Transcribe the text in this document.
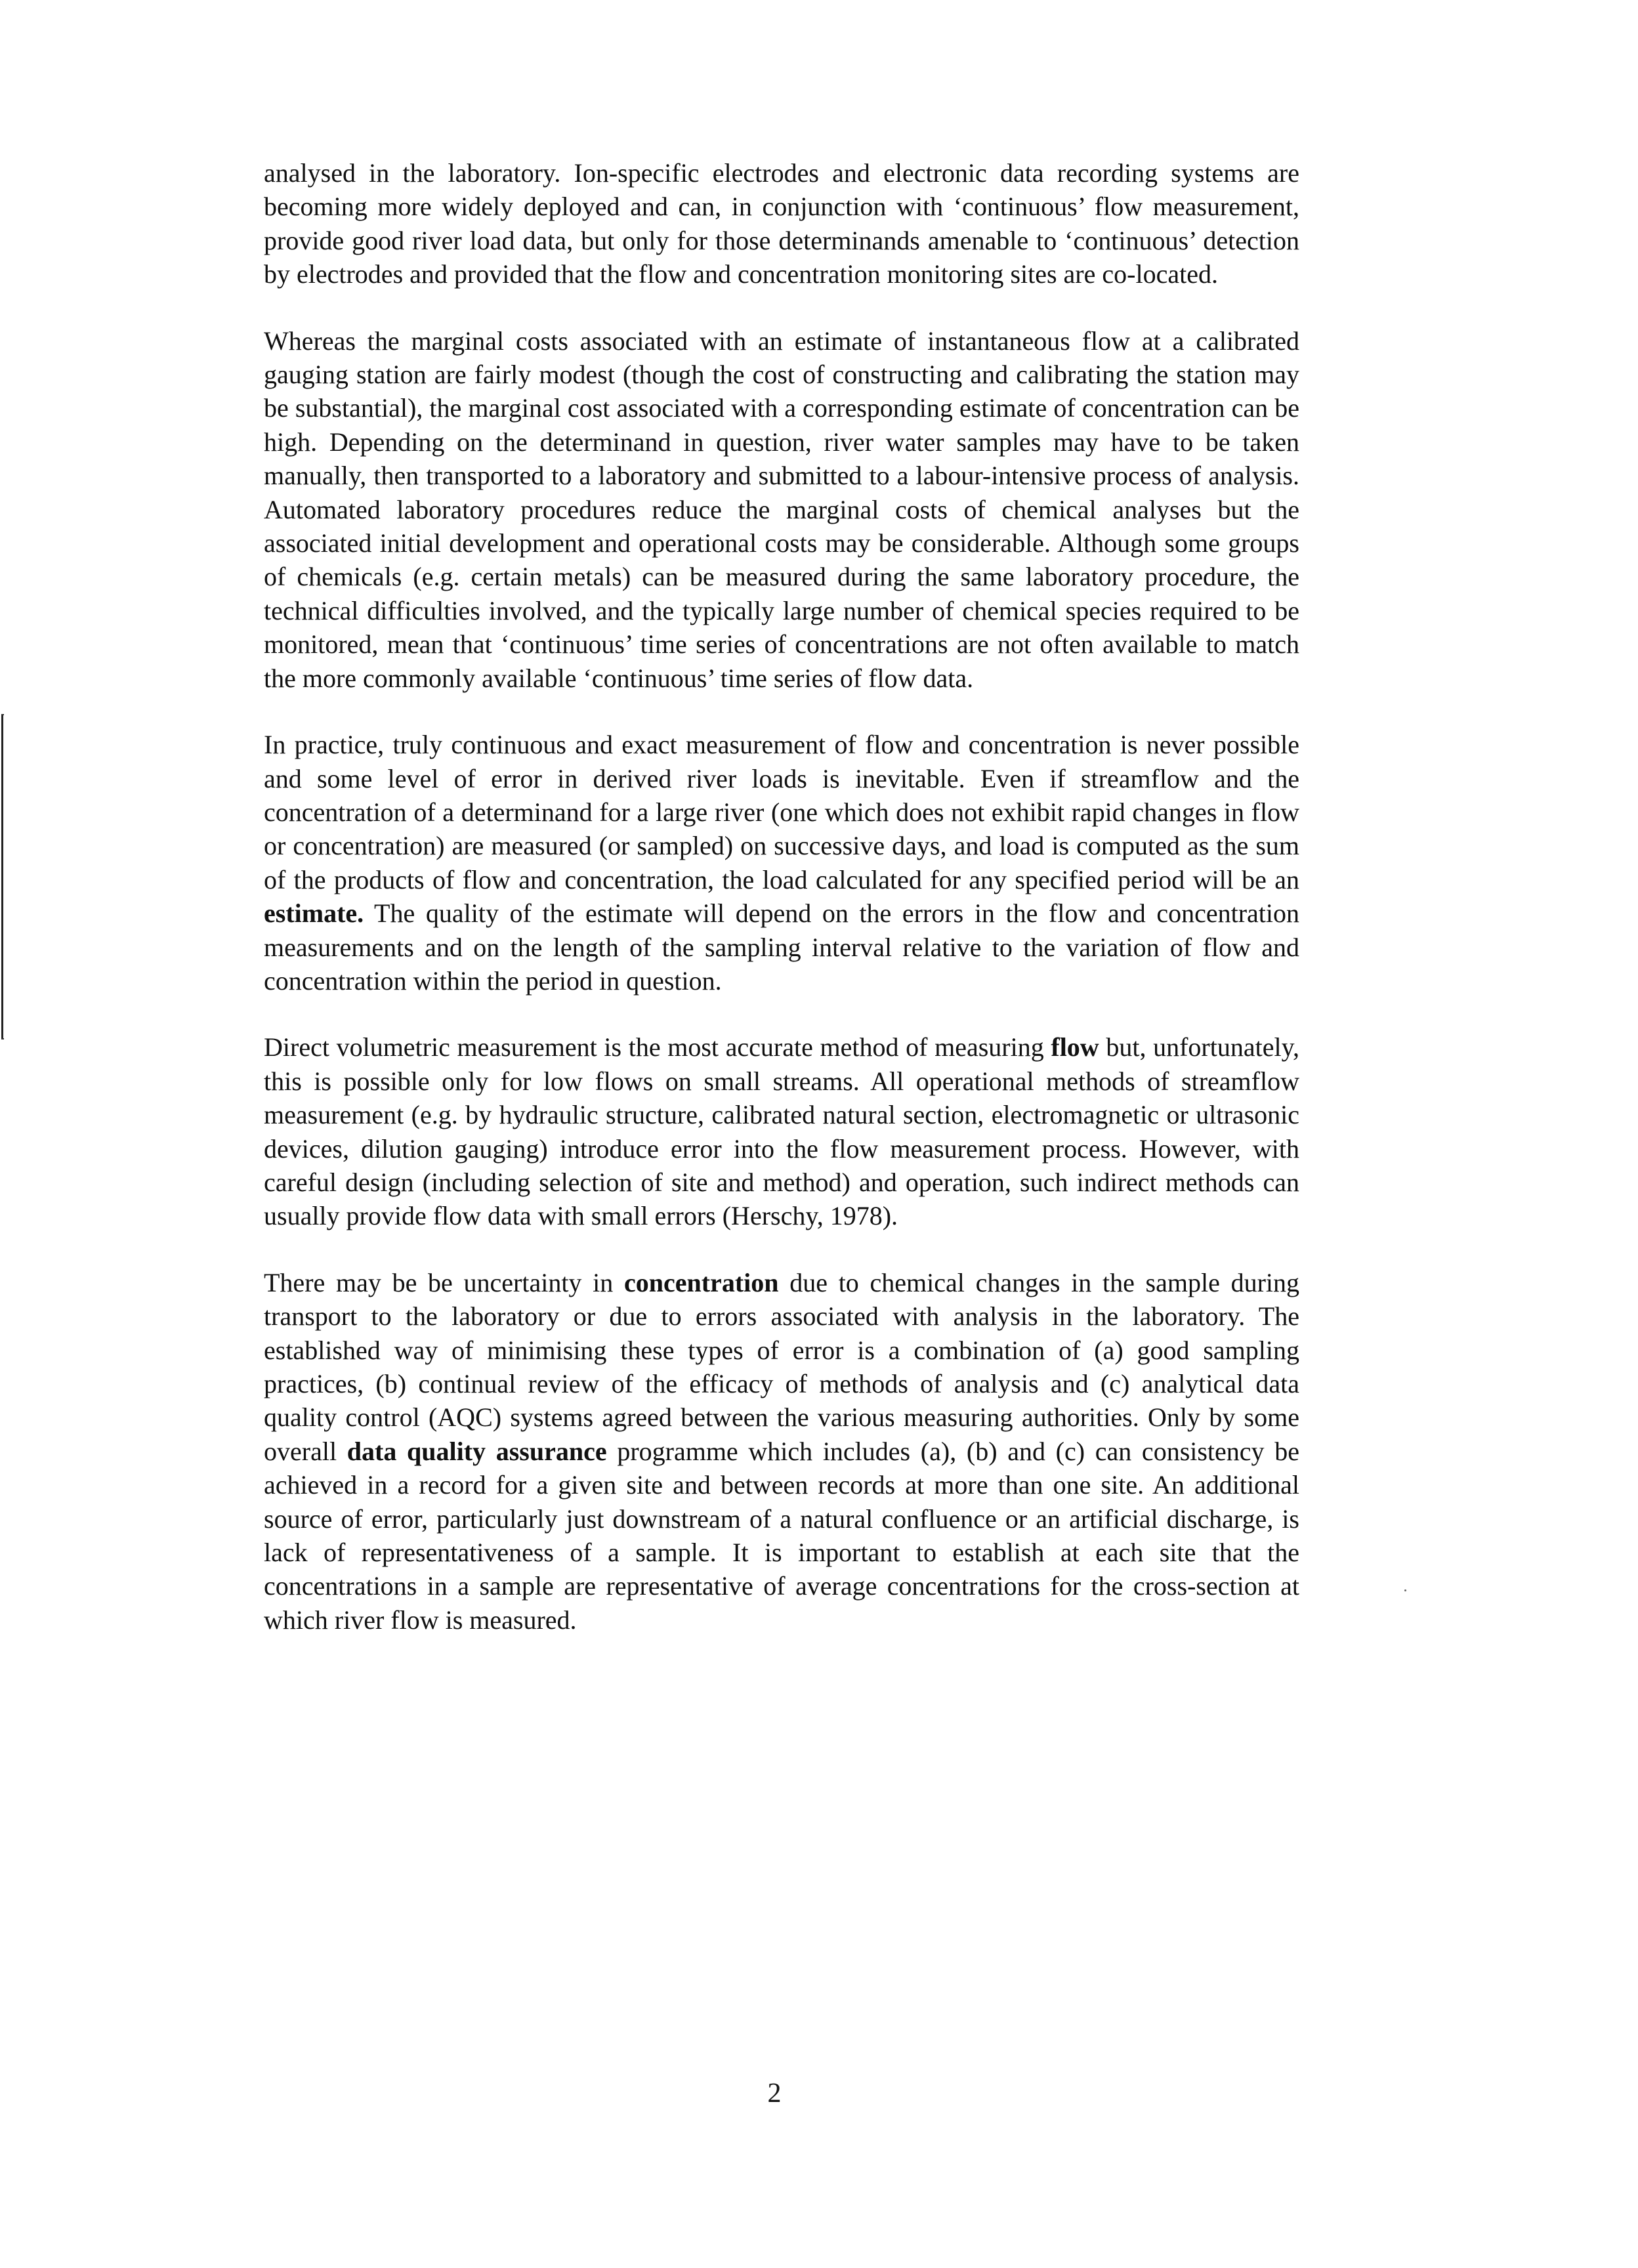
analysed in the laboratory. Ion-specific electrodes and electronic data recording systems are becoming more widely deployed and can, in conjunction with ‘continuous’ flow measurement, provide good river load data, but only for those determinands amenable to ‘continuous’ detection by electrodes and provided that the flow and concentration monitoring sites are co-located.

Whereas the marginal costs associated with an estimate of instantaneous flow at a calibrated gauging station are fairly modest (though the cost of constructing and calibrating the station may be substantial), the marginal cost associated with a corresponding estimate of concentration can be high. Depending on the determinand in question, river water samples may have to be taken manually, then transported to a laboratory and submitted to a labour-intensive process of analysis. Automated laboratory procedures reduce the marginal costs of chemical analyses but the associated initial development and operational costs may be considerable. Although some groups of chemicals (e.g. certain metals) can be measured during the same laboratory procedure, the technical difficulties involved, and the typically large number of chemical species required to be monitored, mean that ‘continuous’ time series of concentrations are not often available to match the more commonly available ‘continuous’ time series of flow data.

In practice, truly continuous and exact measurement of flow and concentration is never possible and some level of error in derived river loads is inevitable. Even if streamflow and the concentration of a determinand for a large river (one which does not exhibit rapid changes in flow or concentration) are measured (or sampled) on successive days, and load is computed as the sum of the products of flow and concentration, the load calculated for any specified period will be an estimate. The quality of the estimate will depend on the errors in the flow and concentration measurements and on the length of the sampling interval relative to the variation of flow and concentration within the period in question.

Direct volumetric measurement is the most accurate method of measuring flow but, unfortunately, this is possible only for low flows on small streams. All operational methods of streamflow measurement (e.g. by hydraulic structure, calibrated natural section, electromagnetic or ultrasonic devices, dilution gauging) introduce error into the flow measurement process. However, with careful design (including selection of site and method) and operation, such indirect methods can usually provide flow data with small errors (Herschy, 1978).

There may be be uncertainty in concentration due to chemical changes in the sample during transport to the laboratory or due to errors associated with analysis in the laboratory. The established way of minimising these types of error is a combination of (a) good sampling practices, (b) continual review of the efficacy of methods of analysis and (c) analytical data quality control (AQC) systems agreed between the various measuring authorities. Only by some overall data quality assurance programme which includes (a), (b) and (c) can consistency be achieved in a record for a given site and between records at more than one site. An additional source of error, particularly just downstream of a natural confluence or an artificial discharge, is lack of representativeness of a sample. It is important to establish at each site that the concentrations in a sample are representative of average concentrations for the cross-section at which river flow is measured.

2
